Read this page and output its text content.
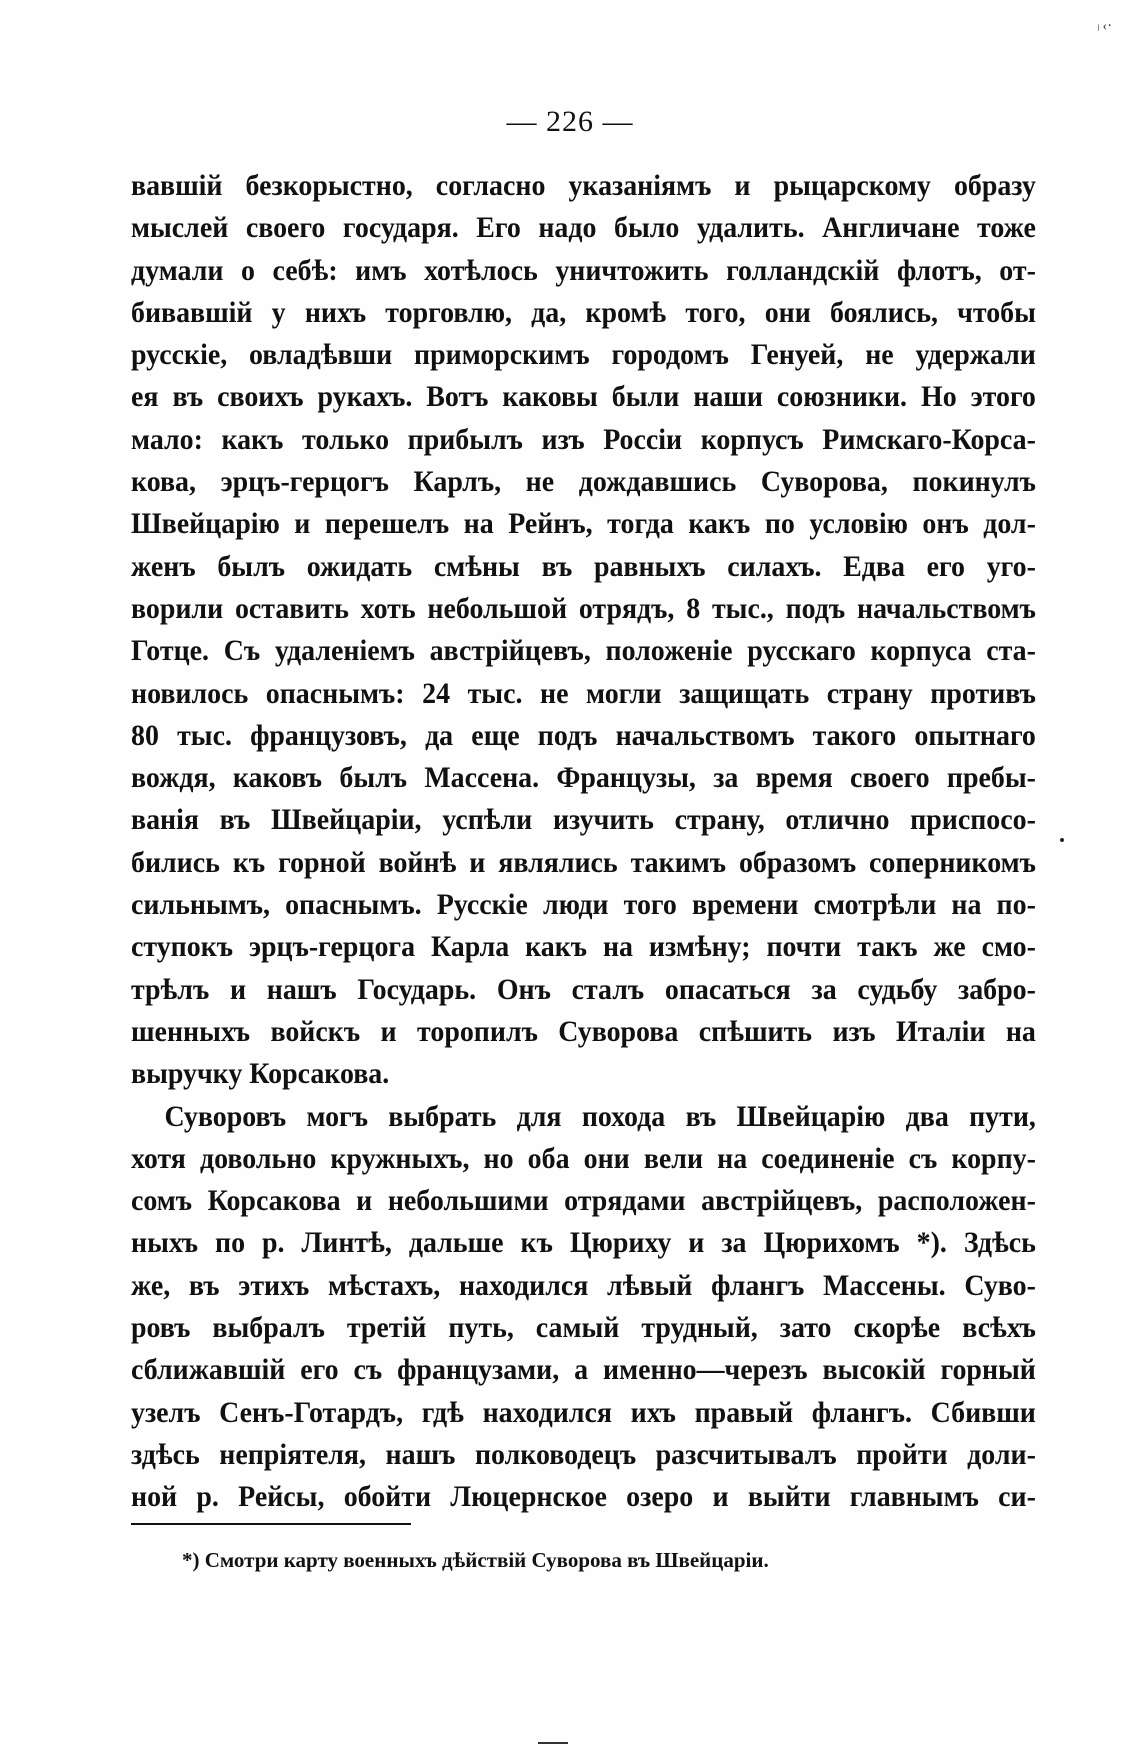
ᛧ‹⋅
— 226 —
вавшій безкорыстно, согласно указаніямъ и рыцарскому образу
мыслей своего государя. Его надо было удалить. Англичане тоже
думали о себѣ: имъ хотѣлось уничтожить голландскій флотъ, от-
бивавшій у нихъ торговлю, да, кромѣ того, они боялись, чтобы
русскіе, овладѣвши приморскимъ городомъ Генуей, не удержали
ея въ своихъ рукахъ. Вотъ каковы были наши союзники. Но этого
мало: какъ только прибылъ изъ Россіи корпусъ Римскаго-Корса-
кова, эрцъ-герцогъ Карлъ, не дождавшись Суворова, покинулъ
Швейцарію и перешелъ на Рейнъ, тогда какъ по условію онъ дол-
женъ былъ ожидать смѣны въ равныхъ силахъ. Едва его уго-
ворили оставить хоть небольшой отрядъ, 8 тыс., подъ начальствомъ
Готце. Съ удаленіемъ австрійцевъ, положеніе русскаго корпуса ста-
новилось опаснымъ: 24 тыс. не могли защищать страну противъ
80 тыс. французовъ, да еще подъ начальствомъ такого опытнаго
вождя, каковъ былъ Массена. Французы, за время своего пребы-
ванія въ Швейцаріи, успѣли изучить страну, отлично приспосо-
бились къ горной войнѣ и являлись такимъ образомъ соперникомъ
сильнымъ, опаснымъ. Русскіе люди того времени смотрѣли на по-
ступокъ эрцъ-герцога Карла какъ на измѣну; почти такъ же смо-
трѣлъ и нашъ Государь. Онъ сталъ опасаться за судьбу забро-
шенныхъ войскъ и торопилъ Суворова спѣшить изъ Италіи на
выручку Корсакова.
Суворовъ могъ выбрать для похода въ Швейцарію два пути,
хотя довольно кружныхъ, но оба они вели на соединеніе съ корпу-
сомъ Корсакова и небольшими отрядами австрійцевъ, расположен-
ныхъ по р. Линтѣ, дальше къ Цюриху и за Цюрихомъ *). Здѣсь
же, въ этихъ мѣстахъ, находился лѣвый флангъ Массены. Суво-
ровъ выбралъ третій путь, самый трудный, зато скорѣе всѣхъ
сближавшій его съ французами, а именно—черезъ высокій горный
узелъ Сенъ-Готардъ, гдѣ находился ихъ правый флангъ. Сбивши
здѣсь непріятеля, нашъ полководецъ разсчитывалъ пройти доли-
ной р. Рейсы, обойти Люцернское озеро и выйти главнымъ си-
*) Смотри карту военныхъ дѣйствій Суворова въ Швейцаріи.
